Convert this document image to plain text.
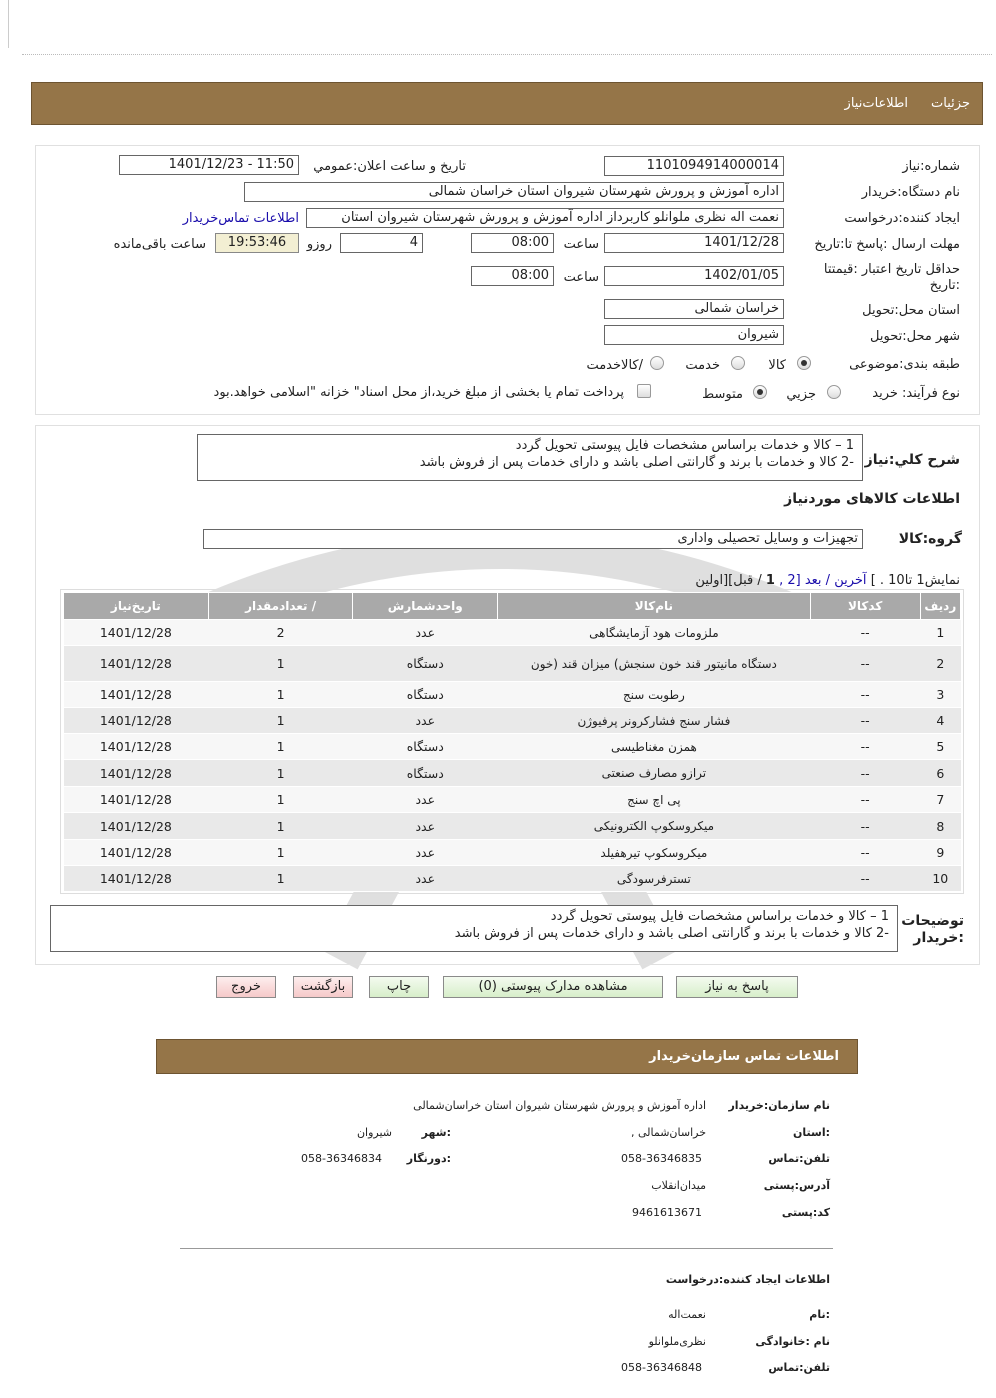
جزئیات
اطلاعات‌نیاز
شماره:نیاز
1101094914000014
تاریخ و ساعت اعلان:عمومي
1401/12/23 - 11:50
نام دستگاه:خریدار
اداره آموزش و پرورش شهرستان شیروان استان خراسان شمالی
ایجاد کننده:درخواست
نعمت اله نظری ملوانلو کاربرداز اداره آموزش و پرورش شهرستان شیروان استان
اطلاعات تماس‌خریدار
مهلت ارسال :پاسخ تا:تاریخ
1401/12/28
ساعت
08:00
4
روزو
19:53:46
ساعت باقی‌مانده
حداقل تاریخ اعتبار :قیمتتا
:تاریخ
1402/01/05
ساعت
08:00
استان محل:تحویل
خراسان شمالی
شهر محل:تحویل
شیروان
طبقه بندی:موضوعی
کالا
خدمت
/کالاخدمت
نوع فرآیند: خرید
جزیي
متوسط
پرداخت تمام یا بخشی از مبلغ خرید،از محل اسناد" خزانه "اسلامی خواهد.بود
شرح کلي:نیاز
1 – کالا و خدمات براساس مشخصات فایل پیوستی تحویل گردد
-2 کالا و خدمات با برند و گارانتی اصلی باشد و دارای خدمات پس از فروش باشد
اطلاعات کالاهای موردنیاز
گروه:کالا
تجهیزات و وسایل تحصیلی واداری
نمایش1 تا10 . ] آخرین / بعد [2 , 1 / قبل][اولین
ردیف	کدکالا	نام‌کالا	واحدشمارش	/ تعدادمقدار	تاریخ‌نیاز
1	--	ملزومات هود آزمایشگاهی	عدد	2	1401/12/28
2	--	دستگاه مانیتور قند خون سنجش) میزان قند (خون	دستگاه	1	1401/12/28
3	--	رطوبت سنج	دستگاه	1	1401/12/28
4	--	فشار سنج فشارکرونر پرفیوژن	عدد	1	1401/12/28
5	--	همزن مغناطیسی	دستگاه	1	1401/12/28
6	--	ترازو مصارف صنعتی	دستگاه	1	1401/12/28
7	--	پی اچ سنج	عدد	1	1401/12/28
8	--	میکروسکوپ الکترونیکی	عدد	1	1401/12/28
9	--	میکروسکوپ تیرهفیلد	عدد	1	1401/12/28
10	--	تسترفرسودگی	عدد	1	1401/12/28
توضیحات
:خریدار
1 – کالا و خدمات براساس مشخصات فایل پیوستی تحویل گردد
-2 کالا و خدمات با برند و گارانتی اصلی باشد و دارای خدمات پس از فروش باشد
پاسخ به نیاز
مشاهده مدارک پیوستی (0)
چاپ
بازگشت
خروج
اطلاعات تماس سازمان‌خریدار
نام سازمان:خریدار
اداره آموزش و پرورش شهرستان شیروان استان خراسان‌شمالی
:استان
خراسان‌شمالی ,
:شهر
شیروان
تلفن:تماس
058-36346835
:دورنگار
058-36346834
آدرس:پستی
میدان‌انقلاب
کد:پستی
9461613671
اطلاعات ایجاد کننده:درخواست
:نام
نعمت‌اله
نام :خانوادگی
نظری‌ملوانلو
تلفن:تماس
058-36346848
